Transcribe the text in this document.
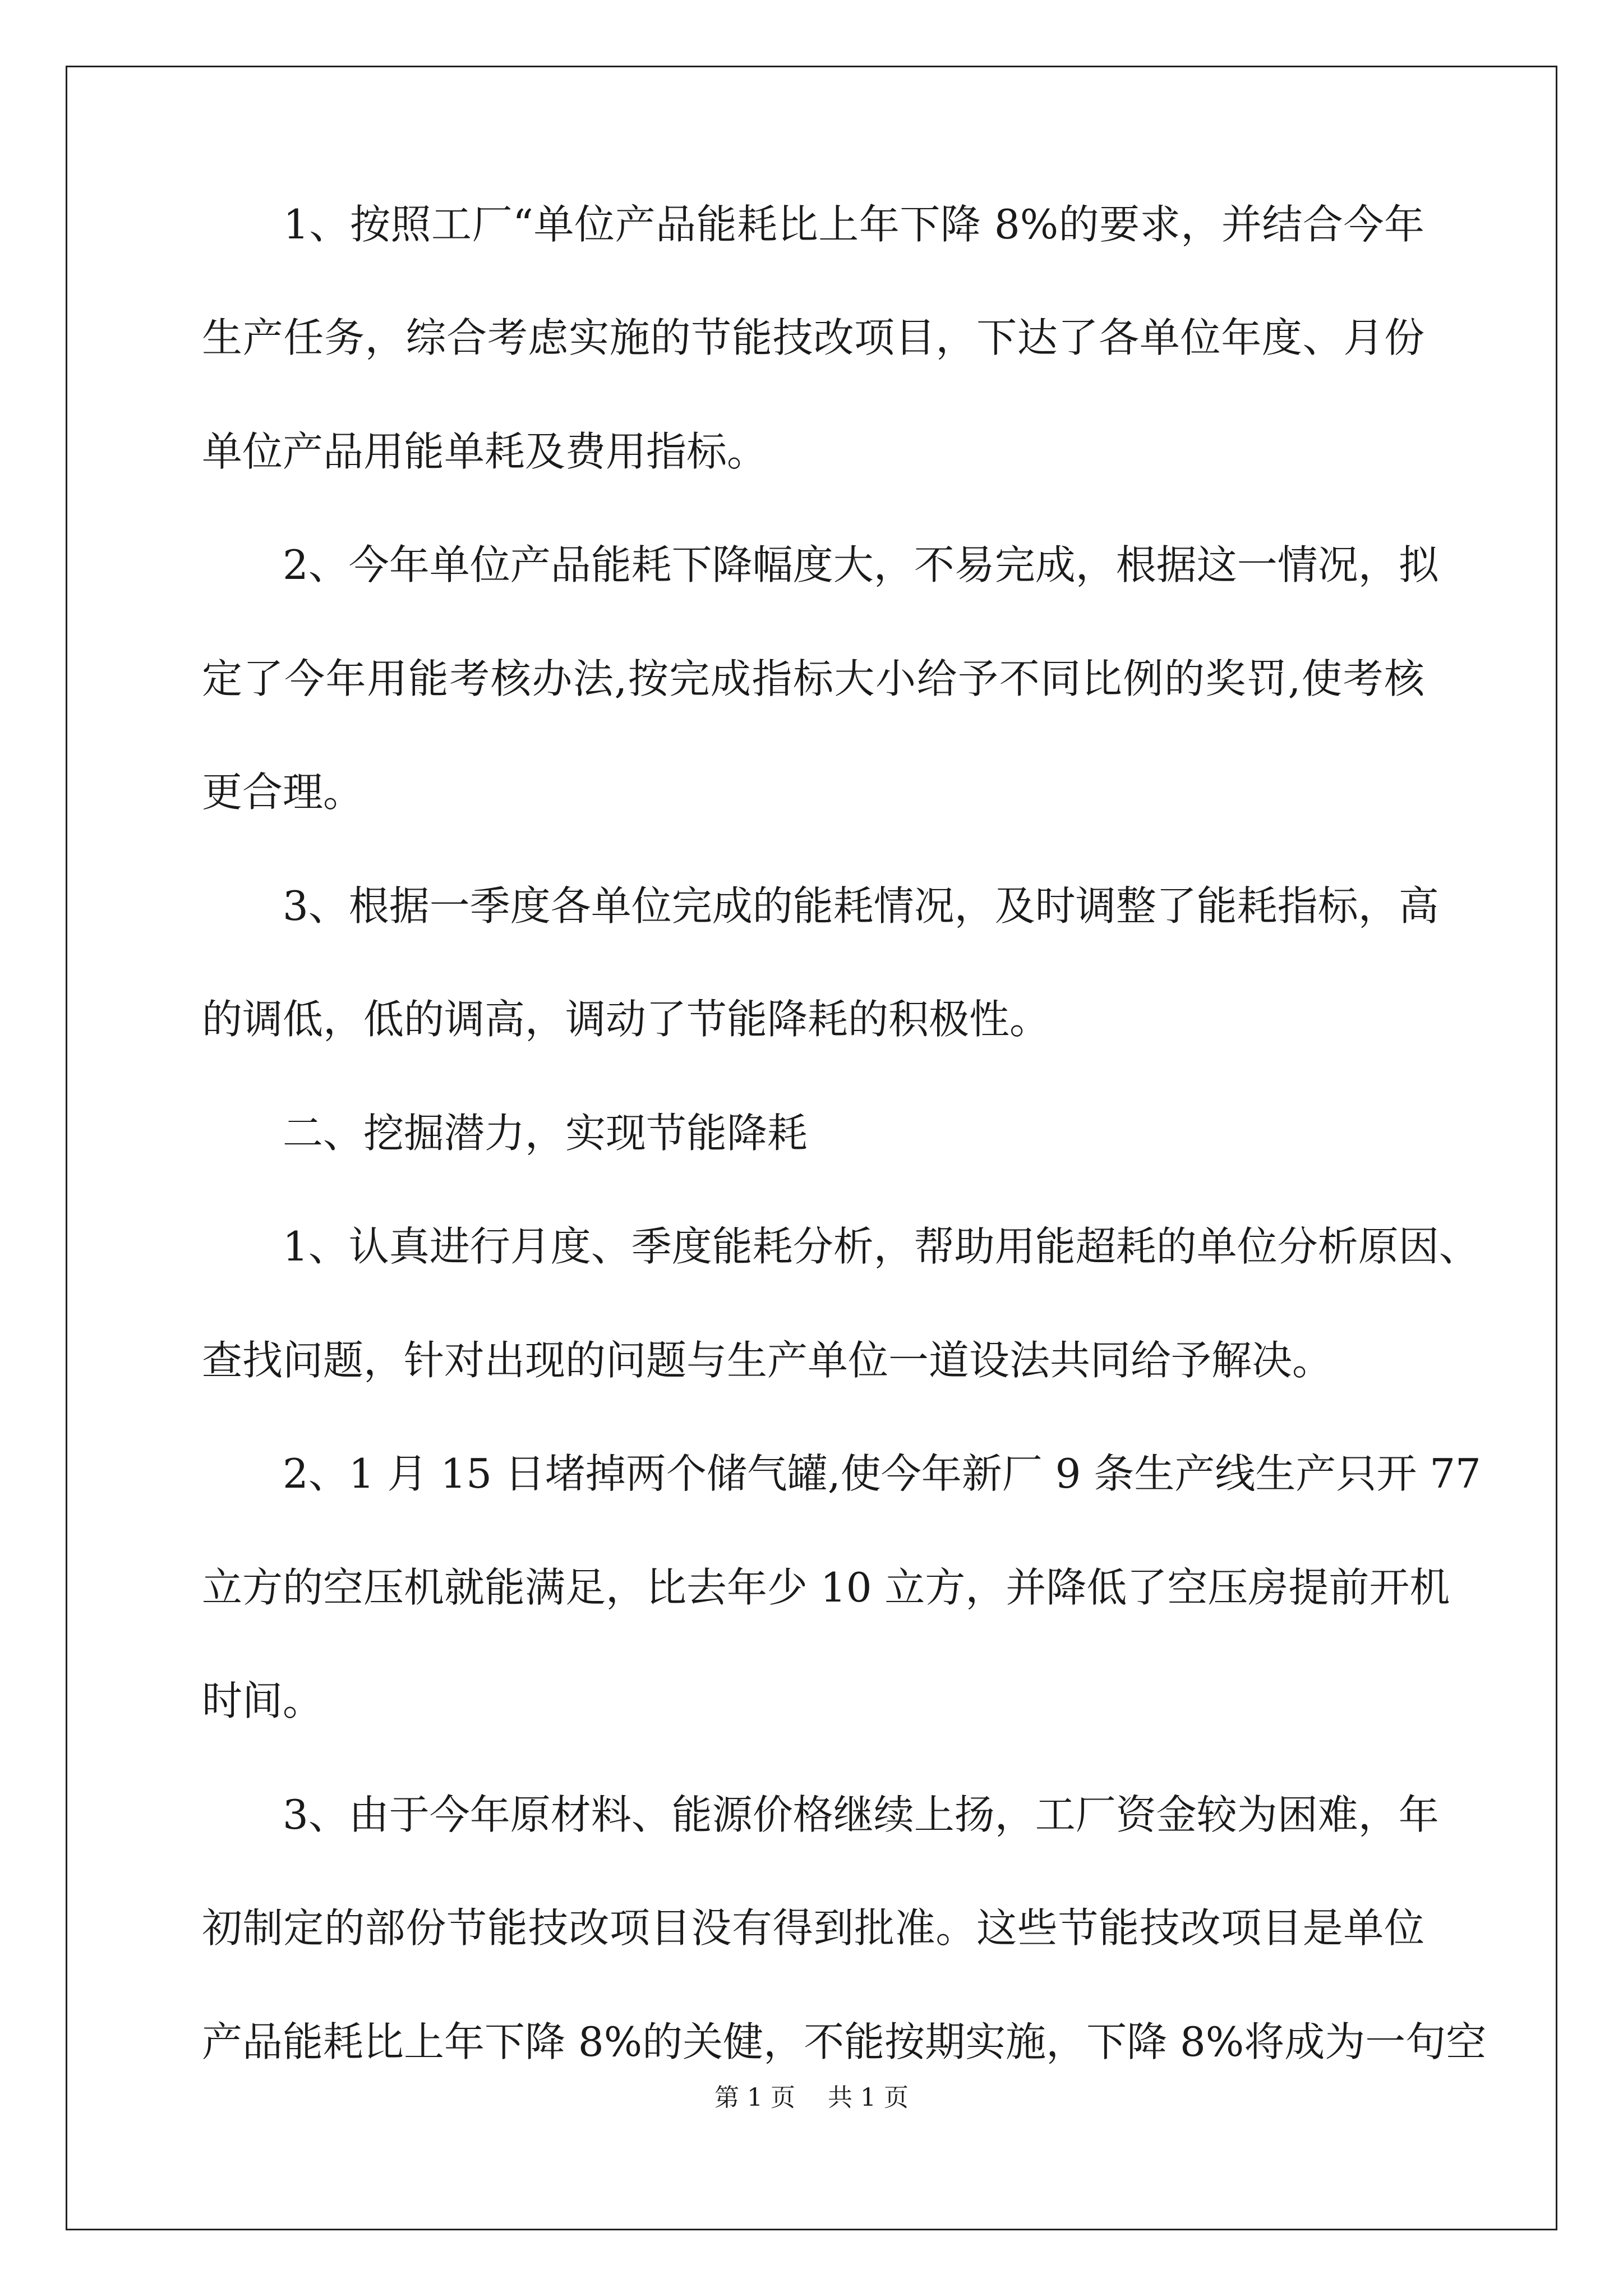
　　1、按照工厂“单位产品能耗比上年下降 8%的要求，并结合今年
生产任务，综合考虑实施的节能技改项目，下达了各单位年度、月份
单位产品用能单耗及费用指标。
　　2、今年单位产品能耗下降幅度大，不易完成，根据这一情况，拟
定了今年用能考核办法,按完成指标大小给予不同比例的奖罚,使考核
更合理。
　　3、根据一季度各单位完成的能耗情况，及时调整了能耗指标，高
的调低，低的调高，调动了节能降耗的积极性。
　　二、挖掘潜力，实现节能降耗
　　1、认真进行月度、季度能耗分析，帮助用能超耗的单位分析原因、
查找问题，针对出现的问题与生产单位一道设法共同给予解决。
　　2、1 月 15 日堵掉两个储气罐,使今年新厂 9 条生产线生产只开 77
立方的空压机就能满足，比去年少 10 立方，并降低了空压房提前开机
时间。
　　3、由于今年原材料、能源价格继续上扬，工厂资金较为困难，年
初制定的部份节能技改项目没有得到批准。这些节能技改项目是单位
产品能耗比上年下降 8%的关健，不能按期实施，下降 8%将成为一句空
第 1 页　 共 1 页
